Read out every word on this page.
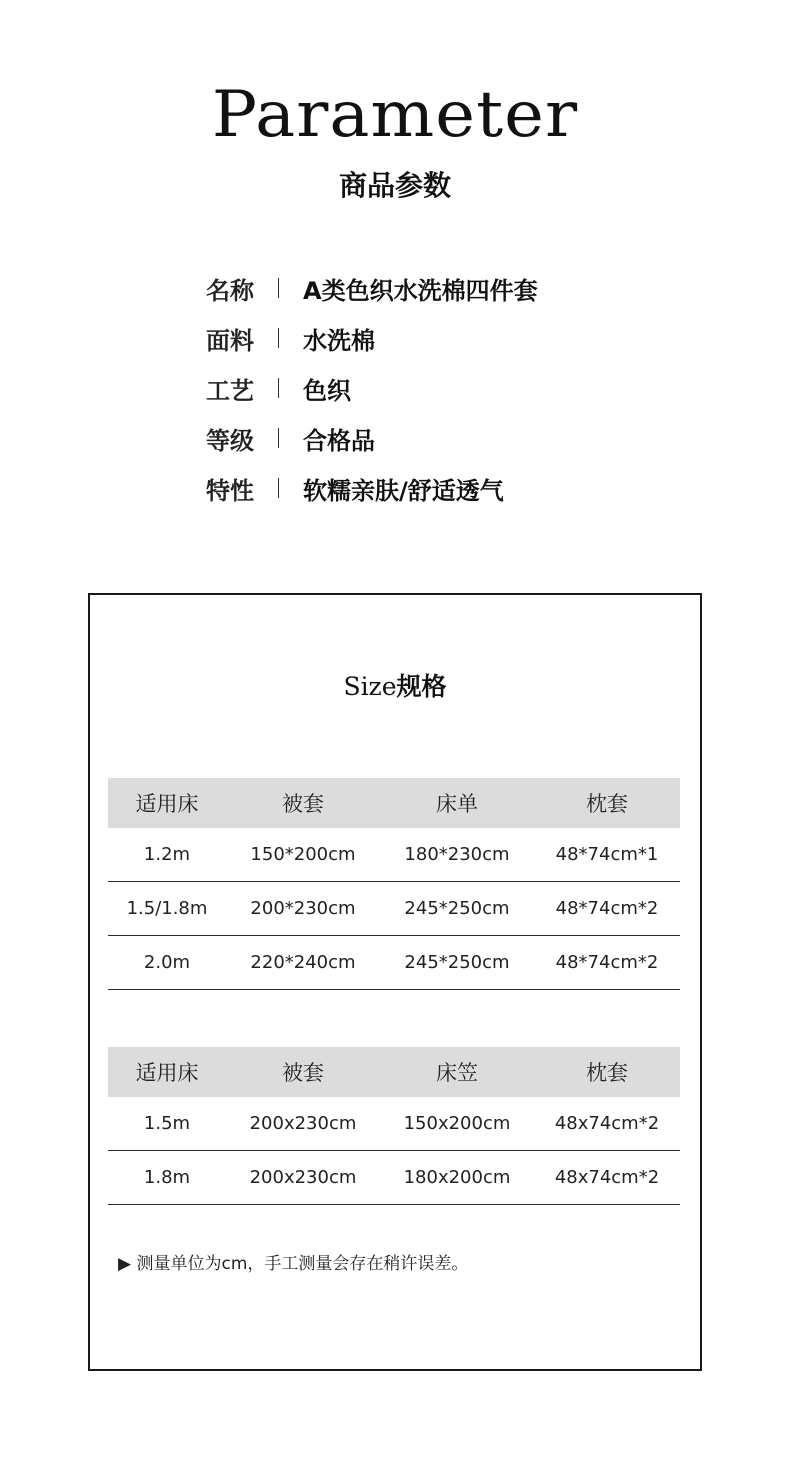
Parameter
商品参数
名称	A类色织水洗棉四件套
面料	水洗棉
工艺	色织
等级	合格品
特性	软糯亲肤/舒适透气
Size规格
适用床	被套	床单	枕套
1.2m	150*200cm	180*230cm	48*74cm*1
1.5/1.8m	200*230cm	245*250cm	48*74cm*2
2.0m	220*240cm	245*250cm	48*74cm*2
适用床	被套	床笠	枕套
1.5m	200x230cm	150x200cm	48x74cm*2
1.8m	200x230cm	180x200cm	48x74cm*2
▶ 测量单位为cm，手工测量会存在稍许误差。
